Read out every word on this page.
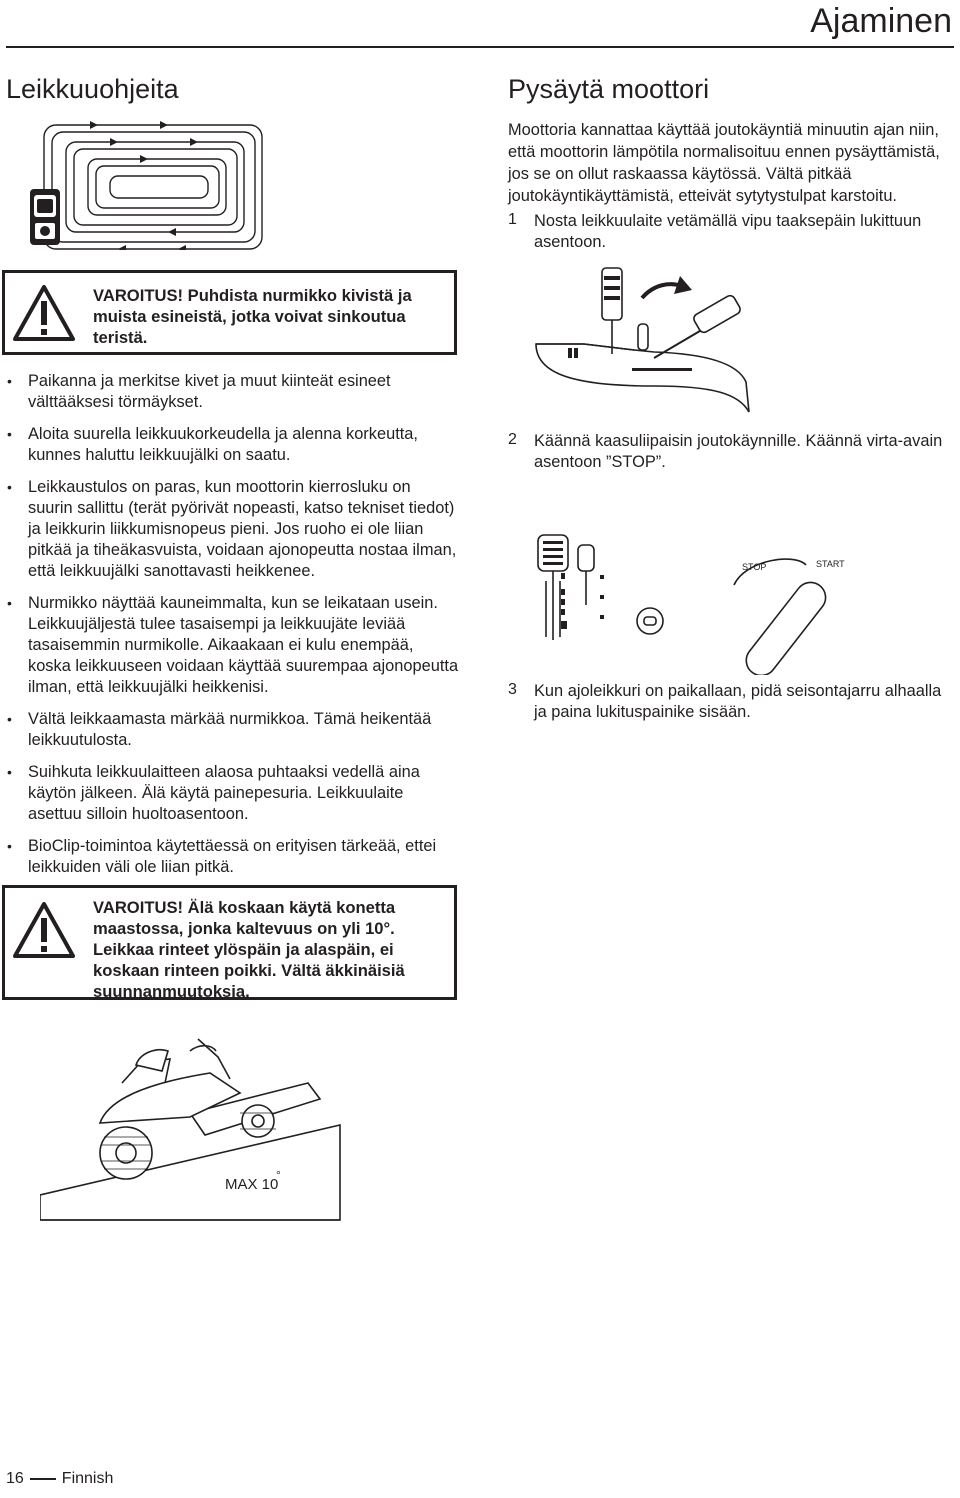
Ajaminen
Leikkuuohjeita
VAROITUS! Puhdista nurmikko kivistä ja muista esineistä, jotka voivat sinkoutua teristä.
• Paikanna ja merkitse kivet ja muut kiinteät esineet välttääksesi törmäykset.
• Aloita suurella leikkuukorkeudella ja alenna korkeutta, kunnes haluttu leikkuujälki on saatu.
• Leikkaustulos on paras, kun moottorin kierrosluku on suurin sallittu (terät pyörivät nopeasti, katso tekniset tiedot) ja leikkurin liikkumisnopeus pieni. Jos ruoho ei ole liian pitkää ja tiheäkasvuista, voidaan ajonopeutta nostaa ilman, että leikkuujälki sanottavasti heikkenee.
• Nurmikko näyttää kauneimmalta, kun se leikataan usein. Leikkuujäljestä tulee tasaisempi ja leikkuujäte leviää tasaisemmin nurmikolle. Aikaakaan ei kulu enempää, koska leikkuuseen voidaan käyttää suurempaa ajonopeutta ilman, että leikkuujälki heikkenisi.
• Vältä leikkaamasta märkää nurmikkoa. Tämä heikentää leikkuutulosta.
• Suihkuta leikkuulaitteen alaosa puhtaaksi vedellä aina käytön jälkeen. Älä käytä painepesuria. Leikkuulaite asettuu silloin huoltoasentoon.
• BioClip-toimintoa käytettäessä on erityisen tärkeää, ettei leikkuiden väli ole liian pitkä.
VAROITUS! Älä koskaan käytä konetta maastossa, jonka kaltevuus on yli 10°. Leikkaa rinteet ylöspäin ja alaspäin, ei koskaan rinteen poikki. Vältä äkkinäisiä suunnanmuutoksia.
MAX 10
°
Pysäytä moottori

Moottoria kannattaa käyttää joutokäyntiä minuutin ajan niin, että moottorin lämpötila normalisoituu ennen pysäyttämistä, jos se on ollut raskaassa käytössä. Vältä pitkää joutokäyntikäyttämistä, etteivät sytytystulpat karstoitu.

1	Nosta leikkuulaite vetämällä vipu taaksepäin lukittuun asentoon.
2	Käännä kaasuliipaisin joutokäynnille. Käännä virta-avain asentoon ”STOP”.
STOP	START
3	Kun ajoleikkuri on paikallaan, pidä seisontajarru alhaalla ja paina lukituspainike sisään.
16 Finnish
